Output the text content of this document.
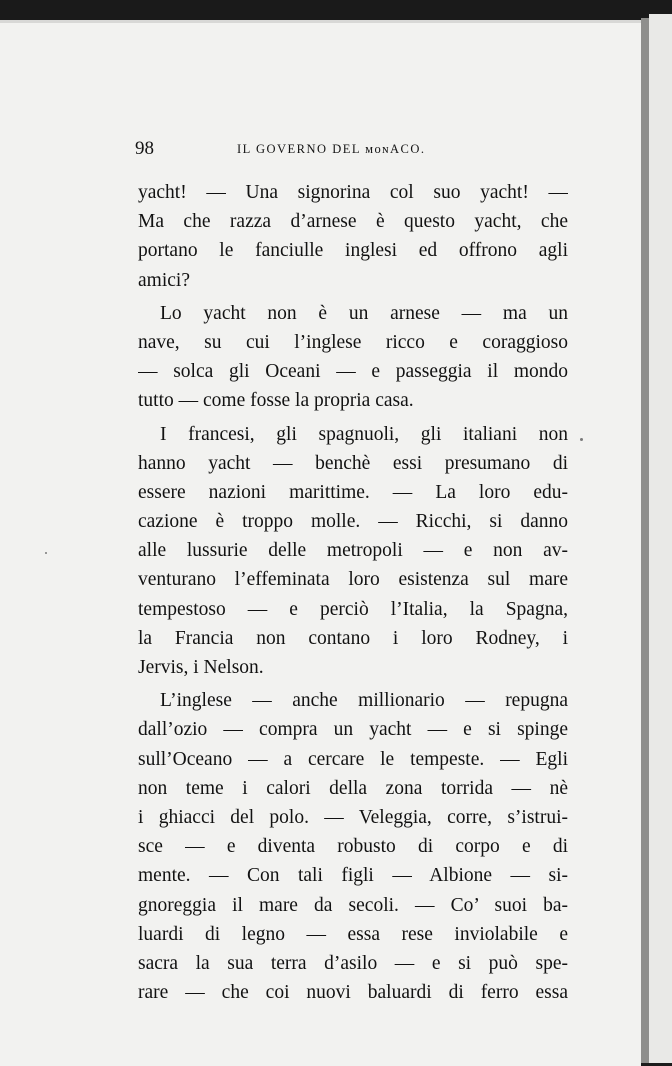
98	IL GOVERNO DEL ᴍᴏɴACO.
yacht! — Una signorina col suo yacht! —
Ma che razza d’arnese è questo yacht, che
portano le fanciulle inglesi ed offrono agli
amici?
Lo yacht non è un arnese — ma un
nave, su cui l’inglese ricco e coraggioso
— solca gli Oceani — e passeggia il mondo
tutto — come fosse la propria casa.
I francesi, gli spagnuoli, gli italiani non
hanno yacht — benchè essi presumano di
essere nazioni marittime. — La loro edu-
cazione è troppo molle. — Ricchi, si danno
alle lussurie delle metropoli — e non av-
venturano l’effeminata loro esistenza sul mare
tempestoso — e perciò l’Italia, la Spagna,
la Francia non contano i loro Rodney, i
Jervis, i Nelson.
L’inglese — anche millionario — repugna
dall’ozio — compra un yacht — e si spinge
sull’Oceano — a cercare le tempeste. — Egli
non teme i calori della zona torrida — nè
i ghiacci del polo. — Veleggia, corre, s’istrui-
sce — e diventa robusto di corpo e di
mente. — Con tali figli — Albione — si-
gnoreggia il mare da secoli. — Co’ suoi ba-
luardi di legno — essa rese inviolabile e
sacra la sua terra d’asilo — e si può spe-
rare — che coi nuovi baluardi di ferro essa
